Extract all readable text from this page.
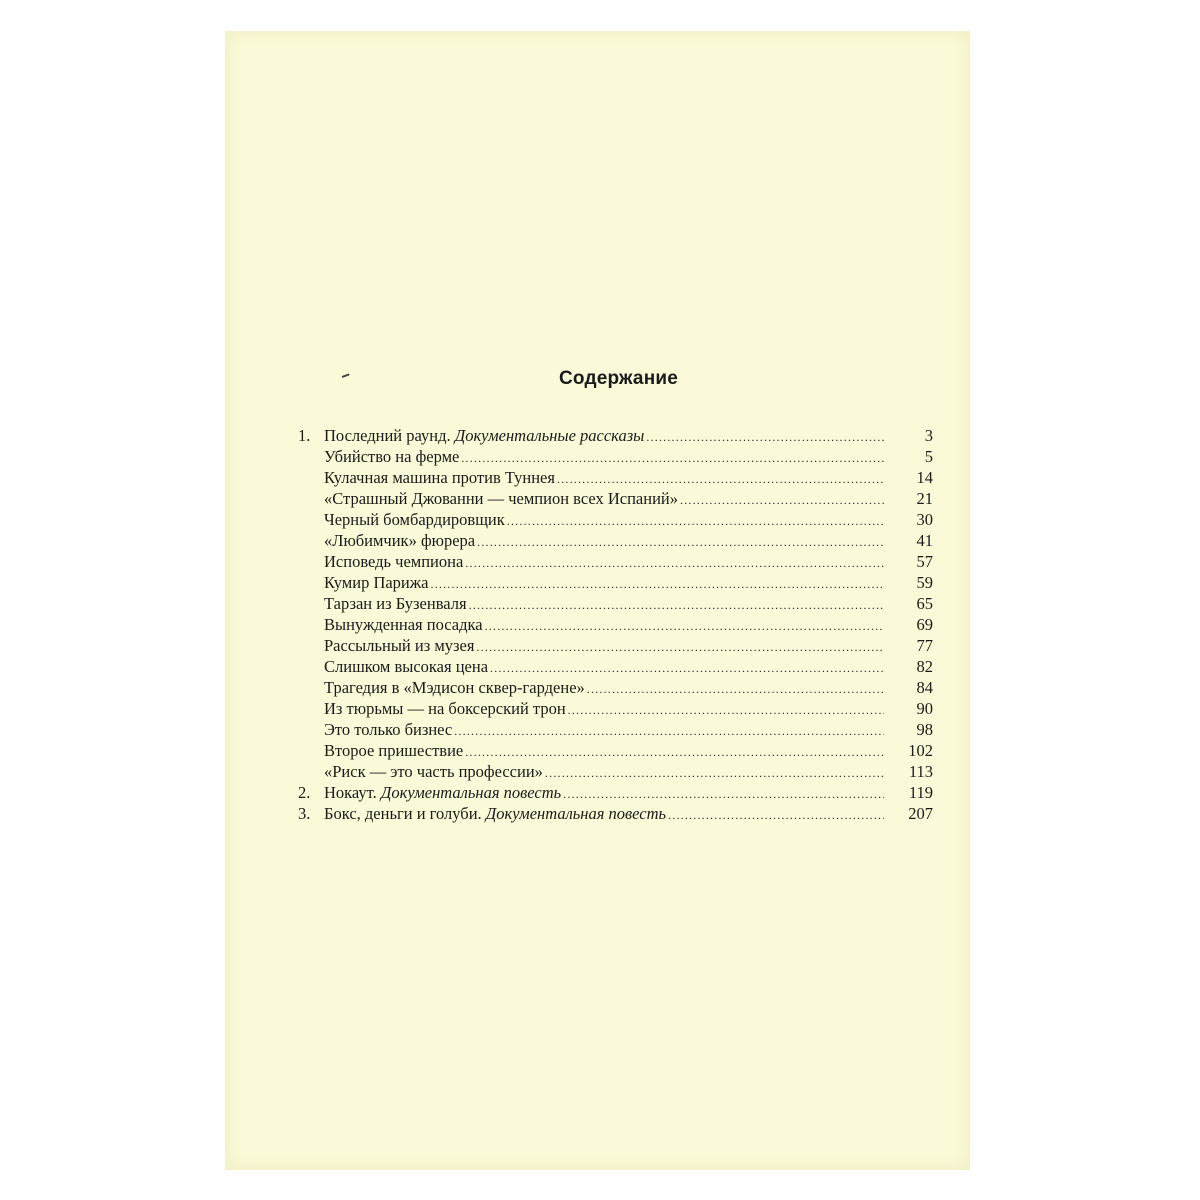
Содержание
1. Последний раунд. Документальные рассказы .....	3
Убийство на ферме .....	5
Кулачная машина против Туннея .....	14
«Страшный Джованни — чемпион всех Испаний» .....	21
Черный бомбардировщик .....	30
«Любимчик» фюрера .....	41
Исповедь чемпиона .....	57
Кумир Парижа .....	59
Тарзан из Бузенваля .....	65
Вынужденная посадка .....	69
Рассыльный из музея .....	77
Слишком высокая цена .....	82
Трагедия в «Мэдисон сквер-гардене» .....	84
Из тюрьмы — на боксерский трон .....	90
Это только бизнес .....	98
Второе пришествие .....	102
«Риск — это часть профессии» .....	113
2. Нокаут. Документальная повесть .....	119
3. Бокс, деньги и голуби. Документальная повесть .....	207
